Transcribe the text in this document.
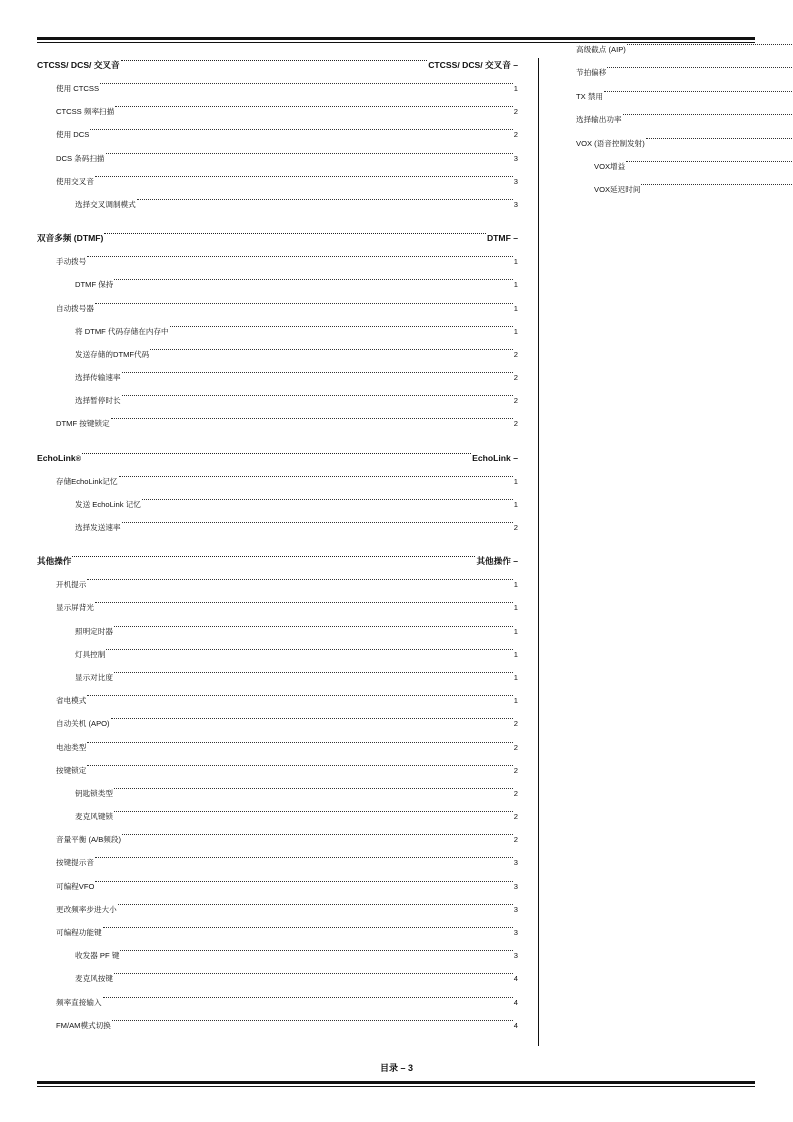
CTCSS/ DCS/ 交叉音	CTCSS/ DCS/ 交叉音 –
使用 CTCSS	1
CTCSS 频率扫描	2
使用 DCS	2
DCS 条码扫描	3
使用交叉音	3
选择交叉调制模式	3
双音多频 (DTMF)	DTMF –
手动拨号	1
DTMF 保持	1
自动拨号器	1
将 DTMF 代码存储在内存中	1
发送存储的DTMF代码	2
选择传输速率	2
选择暂停时长	2
DTMF 按键锁定	2
EchoLink ®	EchoLink –
存储EchoLink记忆	1
发送 EchoLink 记忆	1
选择发送速率	2
其他操作	其他操作 –
开机提示	1
显示屏背光	1
照明定时器	1
灯具控制	1
显示对比度	1
省电模式	1
自动关机 (APO)	2
电池类型	2
按键锁定	2
钥匙锁类型	2
麦克风键锁	2
音量平衡 (A/B频段)	2
按键提示音	3
可编程VFO	3
更改频率步进大小	3
可编程功能键	3
收发器 PF 键	3
麦克风按键	4
频率直接输入	4
FM/AM模式切换	4
高级截点 (AIP)
节拍偏移
TX 禁用
选择输出功率
VOX (语音控制发射)
VOX增益
VOX延迟时间
目录 – 3
